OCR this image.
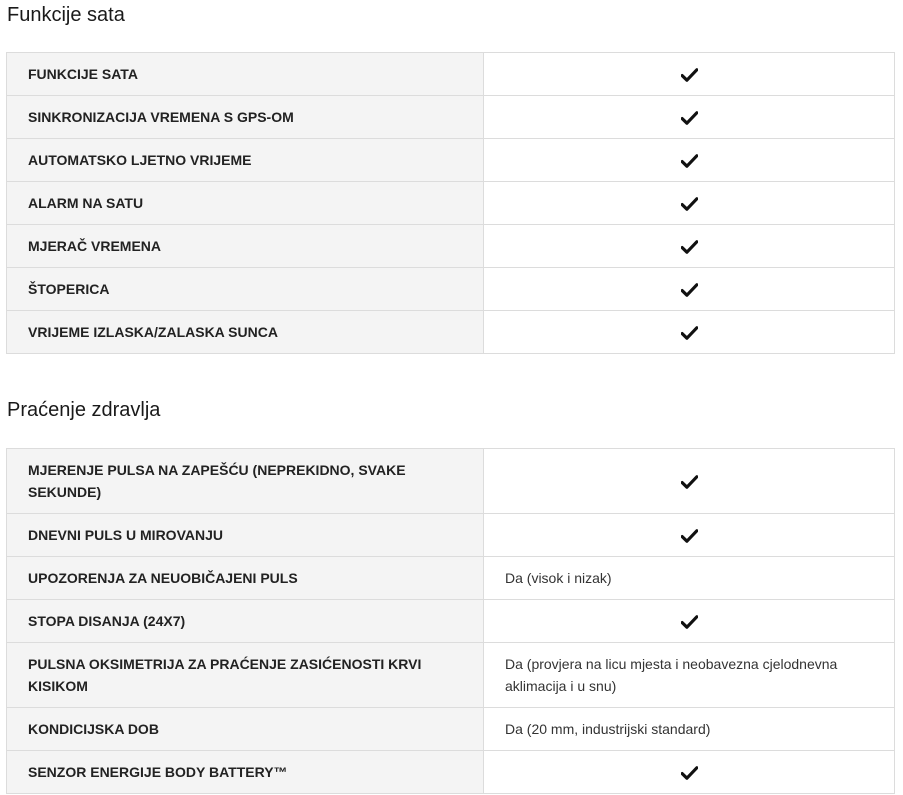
Funkcije sata
FUNKCIJE SATA	
SINKRONIZACIJA VREMENA S GPS-OM	
AUTOMATSKO LJETNO VRIJEME	
ALARM NA SATU	
MJERAČ VREMENA	
ŠTOPERICA	
VRIJEME IZLASKA/ZALASKA SUNCA	
Praćenje zdravlja
MJERENJE PULSA NA ZAPEŠĆU (NEPREKIDNO, SVAKE SEKUNDE)	
DNEVNI PULS U MIROVANJU	
UPOZORENJA ZA NEUOBIČAJENI PULS	Da (visok i nizak)
STOPA DISANJA (24X7)	
PULSNA OKSIMETRIJA ZA PRAĆENJE ZASIĆENOSTI KRVI KISIKOM	Da (provjera na licu mjesta i neobavezna cjelodnevna aklimacija i u snu)
KONDICIJSKA DOB	Da (20 mm, industrijski standard)
SENZOR ENERGIJE BODY BATTERY™	
